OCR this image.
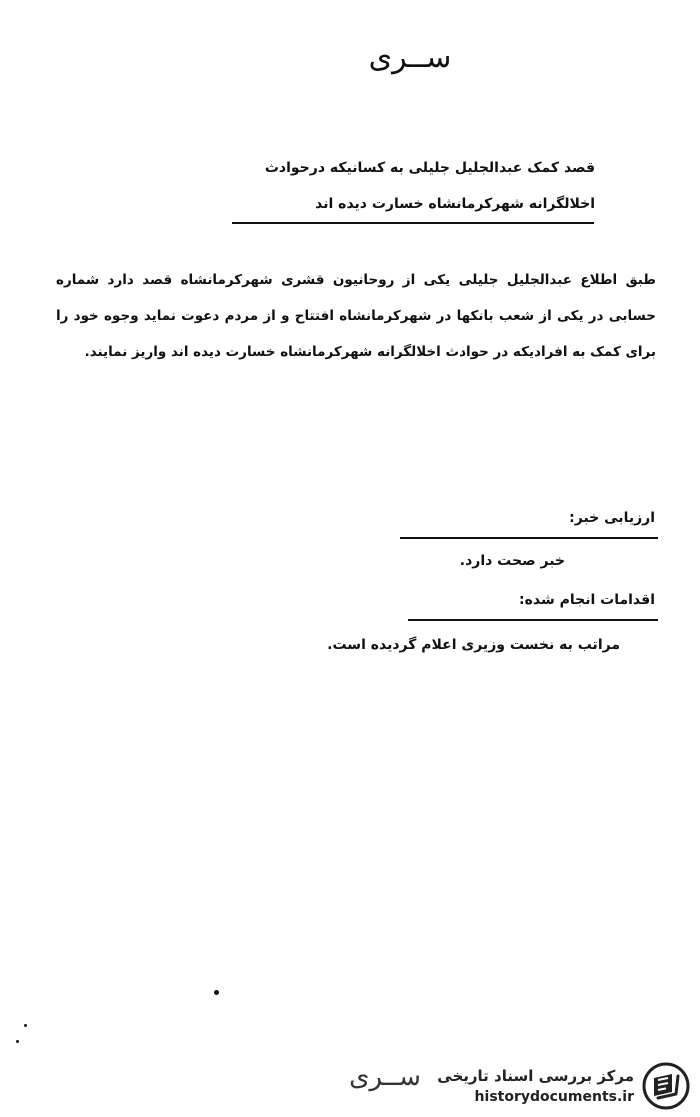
ســری
قصد کمک عبدالجلیل جلیلی به کسانیکه درحوادث
اخلالگرانه شهرکرمانشاه خسارت دیده اند
طبق اطلاع عبدالجلیل جلیلی یکی از روحانیون قشری شهرکرمانشاه قصد دارد شماره حسابی در یکی از شعب بانکها در شهرکرمانشاه افتتاح و از مردم دعوت نماید وجوه خود را برای کمک به افرادیکه در حوادث اخلالگرانه شهرکرمانشاه خسارت دیده اند واریز نمایند.
ارزیابی خبر:
خبر صحت دارد.
اقدامات انجام شده:
مراتب به نخست وزیری اعلام گردیده است.
ســری	مرکز بررسی اسناد تاریخی
historydocuments.ir
